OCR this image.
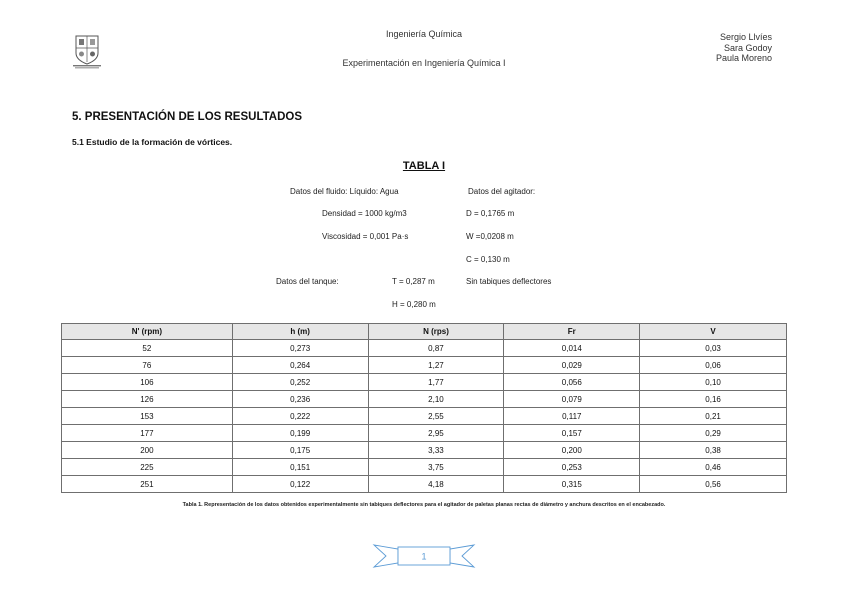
Ingeniería Química
Experimentación en Ingeniería Química I
Sergio Llvíes
Sara Godoy
Paula Moreno
5. PRESENTACIÓN DE LOS RESULTADOS
5.1 Estudio de la formación de vórtices.
TABLA I
Datos del fluido: Líquido: Agua	Datos del agitador:
Densidad = 1000 kg/m3	D = 0,1765 m
Viscosidad = 0,001 Pa·s	W =0,0208 m
C = 0,130 m
Datos del tanque:	T = 0,287 m	Sin tabiques deflectores
H = 0,280 m
N' (rpm)	h (m)	N (rps)	Fr	V
52	0,273	0,87	0,014	0,03
76	0,264	1,27	0,029	0,06
106	0,252	1,77	0,056	0,10
126	0,236	2,10	0,079	0,16
153	0,222	2,55	0,117	0,21
177	0,199	2,95	0,157	0,29
200	0,175	3,33	0,200	0,38
225	0,151	3,75	0,253	0,46
251	0,122	4,18	0,315	0,56
Tabla 1. Representación de los datos obtenidos experimentalmente sin tabiques deflectores para el agitador de paletas planas rectas de diámetro y anchura descritos en el encabezado.
1
